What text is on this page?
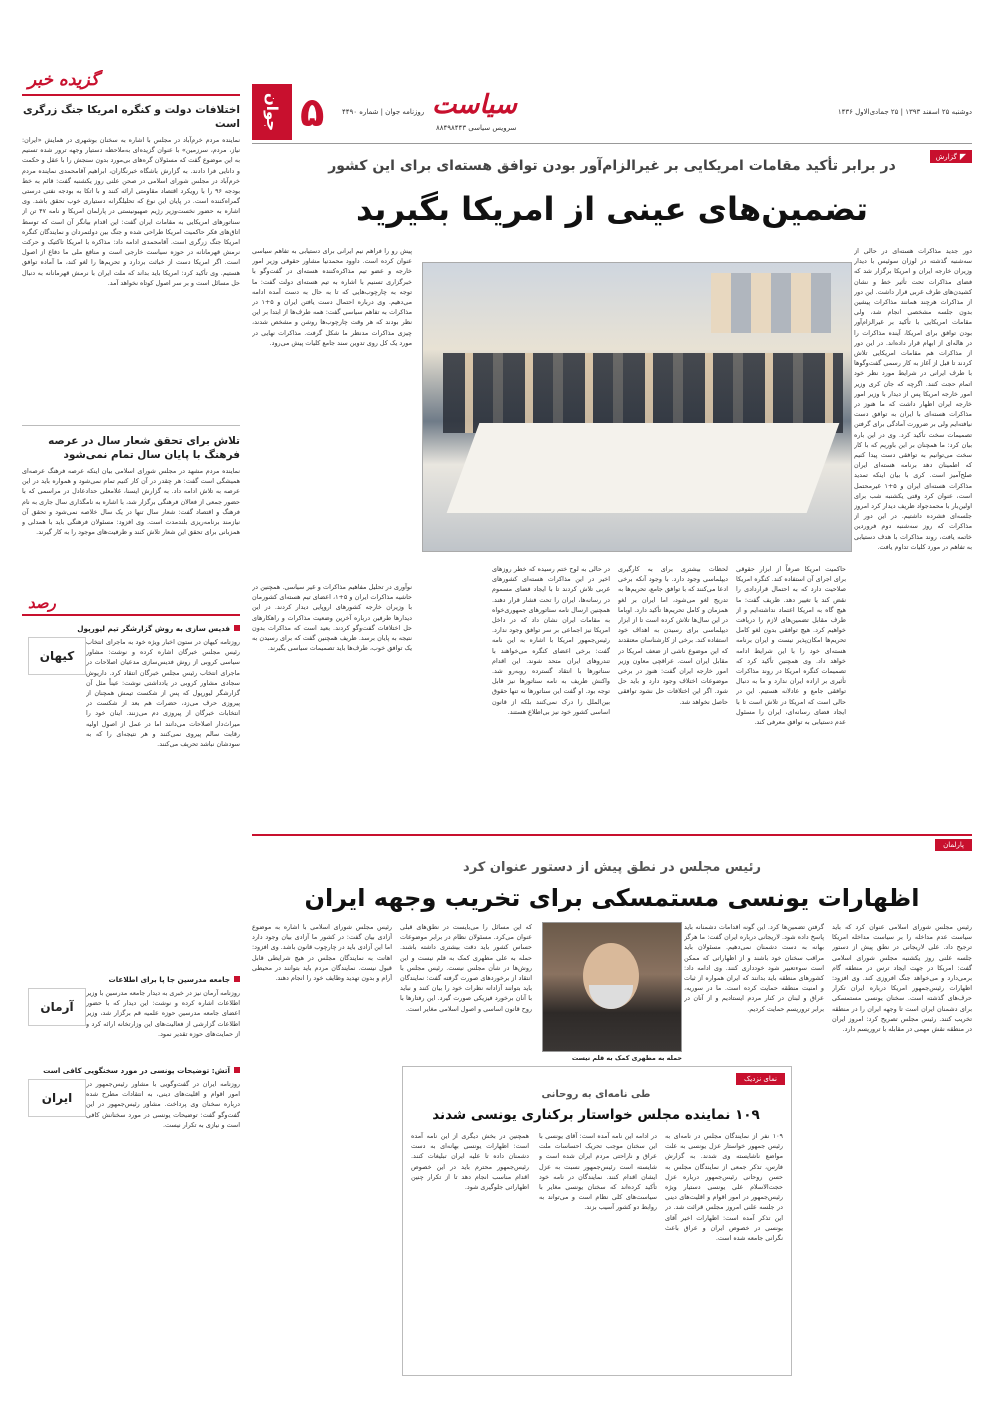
گزیده خبر
اختلافات دولت و کنگره امریکا جنگ زرگری است
نماینده مردم خرم‌آباد در مجلس با اشاره به سخنان بوشهری در همایش «ایران: نیاز، مردم، سرزمین» با عنوان گزیده‌ای به‌ملاحظه دستیار وجهه ترور شده تسنیم به این موضوع گفت که مسئولان گره‌های بی‌مورد بدون سنجش را با عقل و حکمت و دانایی فرا دادند. به گزارش باشگاه خبرنگاران، ابراهیم آقامحمدی نماینده مردم خرم‌آباد در مجلس شورای اسلامی در صحن علنی روز یکشنبه گفت: قائم به خط بودجه ۹۶ را با رویکرد اقتصاد مقاومتی ارائه کنند و با اتکا به بودجه نفتی درستی گمراه‌کننده است. در پایان این نوع که تحلیلگرانه دستیاری خوب تحقق باشد. وی اشاره به حضور نخست‌وزیر رژیم صهیونیستی در پارلمان امریکا و نامه ۴۷ تن از سناتورهای امریکایی به مقامات ایران گفت: این اقدام بیانگر آن است که توسط اتاق‌های فکر حاکمیت امریکا طراحی شده و جنگ بین دولتمردان و نمایندگان کنگره امریکا جنگ زرگری است. آقامحمدی ادامه داد: مذاکره با امریکا تاکتیک و حرکت نرمش قهرمانانه در حوزه سیاست خارجی است و منافع ملی ما دفاع از اصول است. اگر امریکا دست از خباثت بردارد و تحریم‌ها را لغو کند، ما آماده توافق هستیم. وی تأکید کرد: امریکا باید بداند که ملت ایران با نرمش قهرمانانه به دنبال حل مسائل است و بر سر اصول کوتاه نخواهد آمد.
تلاش برای تحقق شعار سال در عرصه فرهنگ با پایان سال تمام نمی‌شود
نماینده مردم مشهد در مجلس شورای اسلامی بیان اینکه عرصه فرهنگ عرصه‌ای همیشگی است گفت: هر چقدر در آن کار کنیم تمام نمی‌شود و همواره باید در این عرصه به تلاش ادامه داد. به گزارش ایسنا، غلامعلی حدادعادل در مراسمی که با حضور جمعی از فعالان فرهنگی برگزار شد، با اشاره به نامگذاری سال جاری به نام فرهنگ و اقتصاد گفت: شعار سال تنها در یک سال خلاصه نمی‌شود و تحقق آن نیازمند برنامه‌ریزی بلندمدت است. وی افزود: مسئولان فرهنگی باید با همدلی و همزبانی برای تحقق این شعار تلاش کنند و ظرفیت‌های موجود را به کار گیرند.
رصد
فدیس سازی به روش گزارشگر تیم لیورپول
کیهان
روزنامه کیهان در ستون اخبار ویژه خود به ماجرای انتخاب رئیس مجلس خبرگان اشاره کرده و نوشت: مشاور سیاسی کروبی از روش فدیس‌سازی مدعیان اصلاحات در ماجرای انتخاب رئیس مجلس خبرگان انتقاد کرد. داریوش سجادی مشاور کروبی در یادداشتی نوشت: عیناً مثل آن گزارشگر لیورپول که پس از شکست تیمش همچنان از پیروزی حرف می‌زد، حضرات هم بعد از شکست در انتخابات خبرگان از پیروزی دم می‌زنند. اینان خود را میراث‌دار اصلاحات می‌دانند اما در عمل از اصول اولیه رقابت سالم پیروی نمی‌کنند و هر نتیجه‌ای را که به سودشان نباشد تحریف می‌کنند.
جامعه مدرسین جا پا برای اطلاعات
آرمان
روزنامه آرمان نیز در خبری به دیدار جامعه مدرسین با وزیر اطلاعات اشاره کرده و نوشت: این دیدار که با حضور اعضای جامعه مدرسین حوزه علمیه قم برگزار شد، وزیر اطلاعات گزارشی از فعالیت‌های این وزارتخانه ارائه کرد و از حمایت‌های حوزه تقدیر نمود.
آتش: توضیحات یونسی در مورد سخنگویی کافی است
ایران
روزنامه ایران در گفت‌وگویی با مشاور رئیس‌جمهور در امور اقوام و اقلیت‌های دینی، به انتقادات مطرح شده درباره سخنان وی پرداخت. مشاور رئیس‌جمهور در این گفت‌وگو گفت: توضیحات یونسی در مورد سخنانش کافی است و نیازی به تکرار نیست.
جوان ۵	روزنامه جوان | شماره ۴۴۹۰ سیاست
سرویس سیاسی ۸۸۴۹۸۴۴۳
دوشنبه ۲۵ اسفند ۱۳۹۳ | ۲۵ جمادی‌الاول ۱۴۳۶
◤گزارش
در برابر تأکید مقامات امریکایی بر غیرالزام‌آور بودن توافق هسته‌ای برای این کشور
تضمین‌های عینی از امریکا بگیرید
دور جدید مذاکرات هسته‌ای در حالی از سه‌شنبه گذشته در لوزان سوئیس با دیدار وزیران خارجه ایران و امریکا برگزار شد که فضای مذاکرات تحت تأثیر خط و نشان کشیدن‌های طرف غربی قرار داشت. این دور از مذاکرات هرچند همانند مذاکرات پیشین بدون جلسه مشخصی انجام شد، ولی مقامات امریکایی با تأکید بر غیرالزام‌آور بودن توافق برای امریکا، آینده مذاکرات را در هاله‌ای از ابهام قرار داده‌اند. در این دور از مذاکرات هم مقامات امریکایی تلاش کردند تا قبل از آغاز به کار رسمی گفت‌وگوها با طرف ایرانی در شرایط مورد نظر خود اتمام حجت کنند. اگرچه که جان کری وزیر امور خارجه امریکا پس از دیدار با وزیر امور خارجه ایران اظهار داشت که ما هنوز در مذاکرات هسته‌ای با ایران به توافق دست نیافته‌ایم ولی بر ضرورت آمادگی برای گرفتن تصمیمات سخت تأکید کرد. وی در این باره بیان کرد: ما همچنان بر این باوریم که با کار سخت می‌توانیم به توافقی دست پیدا کنیم که اطمینان دهد برنامه هسته‌ای ایران صلح‌آمیز است. کری با بیان اینکه تمدید مذاکرات هسته‌ای ایران و ۵+۱ غیرمحتمل است، عنوان کرد وقتی یکشنبه شب برای اولین‌بار با محمدجواد ظریف دیدار کرد امروز جلسه‌ای فشرده داشتیم. در این دور از مذاکرات که روز سه‌شنبه دوم فروردین خاتمه یافت، روند مذاکرات با هدف دستیابی به تفاهم در مورد کلیات تداوم یافت.
پیش رو را فراهم نیم ایرانی برای دستیابی به تفاهم سیاسی عنوان کرده است. داوود محمدنیا مشاور حقوقی وزیر امور خارجه و عضو تیم مذاکره‌کننده هسته‌ای در گفت‌وگو با خبرگزاری تسنیم با اشاره به تیم هسته‌ای دولت گفت: ما توجه به چارچوب‌هایی که تا به حال به دست آمده ادامه می‌دهیم. وی درباره احتمال دست یافتن ایران و ۵+۱ در مذاکرات به تفاهم سیاسی گفت: همه طرف‌ها از ابتدا بر این نظر بودند که هر وقت چارچوب‌ها روشن و مشخص شدند، چیزی مذاکرات مدنظر ما شکل گرفت. مذاکرات نهایی در مورد یک کل روی تدوین سند جامع کلیات پیش می‌رود.
نوآوری در تحلیل مفاهیم مذاکرات و غیر سیاسی. همچنین در حاشیه مذاکرات ایران و ۵+۱، اعضای تیم هسته‌ای کشورمان با وزیران خارجه کشورهای اروپایی دیدار کردند. در این دیدارها طرفین درباره آخرین وضعیت مذاکرات و راهکارهای حل اختلافات گفت‌وگو کردند. بعید است که مذاکرات بدون نتیجه به پایان برسد. ظریف همچنین گفت که برای رسیدن به یک توافق خوب، طرف‌ها باید تصمیمات سیاسی بگیرند.
حاکمیت امریکا صرفاً از ابزار حقوقی برای اجرای آن استفاده کند. کنگره امریکا صلاحیت دارد که به احتمال قراردادی را نقض کند یا تغییر دهد. ظریف گفت: ما هیچ گاه به امریکا اعتماد نداشته‌ایم و از طرف مقابل تضمین‌های لازم را دریافت خواهیم کرد. هیچ توافقی بدون لغو کامل تحریم‌ها امکان‌پذیر نیست و ایران برنامه هسته‌ای خود را با این شرایط ادامه خواهد داد. وی همچنین تأکید کرد که تصمیمات کنگره امریکا در روند مذاکرات تأثیری بر اراده ایران ندارد و ما به دنبال توافقی جامع و عادلانه هستیم. این در حالی است که امریکا در تلاش است تا با ایجاد فضای رسانه‌ای، ایران را مسئول عدم دستیابی به توافق معرفی کند.
لحظات بیشتری برای به کارگیری دیپلماسی وجود دارد. با وجود آنکه برخی ادعا می‌کنند که با توافق جامع، تحریم‌ها به تدریج لغو می‌شود، اما ایران بر لغو همزمان و کامل تحریم‌ها تأکید دارد. اوباما در این سال‌ها تلاش کرده است تا از ابزار دیپلماسی برای رسیدن به اهداف خود استفاده کند. برخی از کارشناسان معتقدند که این موضوع ناشی از ضعف امریکا در مقابل ایران است. عراقچی معاون وزیر امور خارجه ایران گفت: هنوز در برخی موضوعات اختلاف وجود دارد و باید حل شود. اگر این اختلافات حل نشود توافقی حاصل نخواهد شد.
در حالی به لوح ختم رسیده که خطر روزهای اخیر در این مذاکرات هسته‌ای کشورهای غربی تلاش کردند تا با ایجاد فضای مسموم در رسانه‌ها، ایران را تحت فشار قرار دهند. همچنین ارسال نامه سناتورهای جمهوری‌خواه به مقامات ایران نشان داد که در داخل امریکا نیز اجماعی بر سر توافق وجود ندارد. رئیس‌جمهور امریکا با اشاره به این نامه گفت: برخی اعضای کنگره می‌خواهند با تندروهای ایران متحد شوند. این اقدام سناتورها با انتقاد گسترده روبه‌رو شد. واکنش ظریف به نامه سناتورها نیز قابل توجه بود. او گفت این سناتورها نه تنها حقوق بین‌الملل را درک نمی‌کنند بلکه از قانون اساسی کشور خود نیز بی‌اطلاع هستند.
پارلمان
رئیس مجلس در نطق پیش از دستور عنوان کرد
اظهارات یونسی مستمسکی برای تخریب وجهه ایران
رئیس مجلس شورای اسلامی عنوان کرد که باید سیاست عدم مداخله را بر سیاست مداخله امریکا ترجیح داد. علی لاریجانی در نطق پیش از دستور جلسه علنی روز یکشنبه مجلس شورای اسلامی گفت: امریکا در جهت ایجاد ترس در منطقه گام برمی‌دارد و می‌خواهد جنگ افروزی کند. وی افزود: اظهارات رئیس‌جمهور امریکا درباره ایران تکرار حرف‌های گذشته است. سخنان یونسی مستمسکی برای دشمنان ایران است تا وجهه ایران را در منطقه تخریب کنند. رئیس مجلس تصریح کرد: امروز ایران در منطقه نقش مهمی در مقابله با تروریسم دارد.
گرفتن تضمین‌ها کرد. این گونه اقدامات دشمنانه باید پاسخ داده شود. لاریجانی درباره ایران گفت: ما هرگز بهانه به دست دشمنان نمی‌دهیم. مسئولان باید مراقب سخنان خود باشند و از اظهاراتی که ممکن است سوءتعبیر شود خودداری کنند. وی ادامه داد: کشورهای منطقه باید بدانند که ایران همواره از ثبات و امنیت منطقه حمایت کرده است. ما در سوریه، عراق و لبنان در کنار مردم ایستادیم و از آنان در برابر تروریسم حمایت کردیم.
حمله به مطهری کمک به قلم نیست
که این مسائل را می‌بایست در نطق‌های قبلی عنوان می‌کرد. مسئولان نظام در برابر موضوعات حساس کشور باید دقت بیشتری داشته باشند. حمله به علی مطهری کمک به قلم نیست و این روش‌ها در شأن مجلس نیست. رئیس مجلس با انتقاد از برخوردهای صورت گرفته گفت: نمایندگان باید بتوانند آزادانه نظرات خود را بیان کنند و نباید با آنان برخورد فیزیکی صورت گیرد. این رفتارها با روح قانون اساسی و اصول اسلامی مغایر است.
رئیس مجلس شورای اسلامی با اشاره به موضوع آزادی بیان گفت: در کشور ما آزادی بیان وجود دارد اما این آزادی باید در چارچوب قانون باشد. وی افزود: اهانت به نمایندگان مجلس در هیچ شرایطی قابل قبول نیست. نمایندگان مردم باید بتوانند در محیطی آرام و بدون تهدید وظایف خود را انجام دهند.
نمای نزدیک
طی نامه‌ای به روحانی
۱۰۹ نماینده مجلس خواستار برکناری یونسی شدند
۱۰۹ نفر از نمایندگان مجلس در نامه‌ای به رئیس جمهور خواستار عزل یونسی به علت مواضع ناشایسته وی شدند. به گزارش فارس، تذکر جمعی از نمایندگان مجلس به حسن روحانی رئیس‌جمهور درباره عزل حجت‌الاسلام علی یونسی دستیار ویژه رئیس‌جمهور در امور اقوام و اقلیت‌های دینی در جلسه علنی امروز مجلس قرائت شد. در این تذکر آمده است: اظهارات اخیر آقای یونسی در خصوص ایران و عراق باعث نگرانی جامعه شده است.
در ادامه این نامه آمده است: آقای یونسی با این سخنان موجب تحریک احساسات ملت عراق و ناراحتی مردم ایران شده است و شایسته است رئیس‌جمهور نسبت به عزل ایشان اقدام کنند. نمایندگان در نامه خود تأکید کرده‌اند که سخنان یونسی مغایر با سیاست‌های کلی نظام است و می‌تواند به روابط دو کشور آسیب بزند.
همچنین در بخش دیگری از این نامه آمده است: اظهارات یونسی بهانه‌ای به دست دشمنان داده تا علیه ایران تبلیغات کنند. رئیس‌جمهور محترم باید در این خصوص اقدام مناسب انجام دهد تا از تکرار چنین اظهاراتی جلوگیری شود.
